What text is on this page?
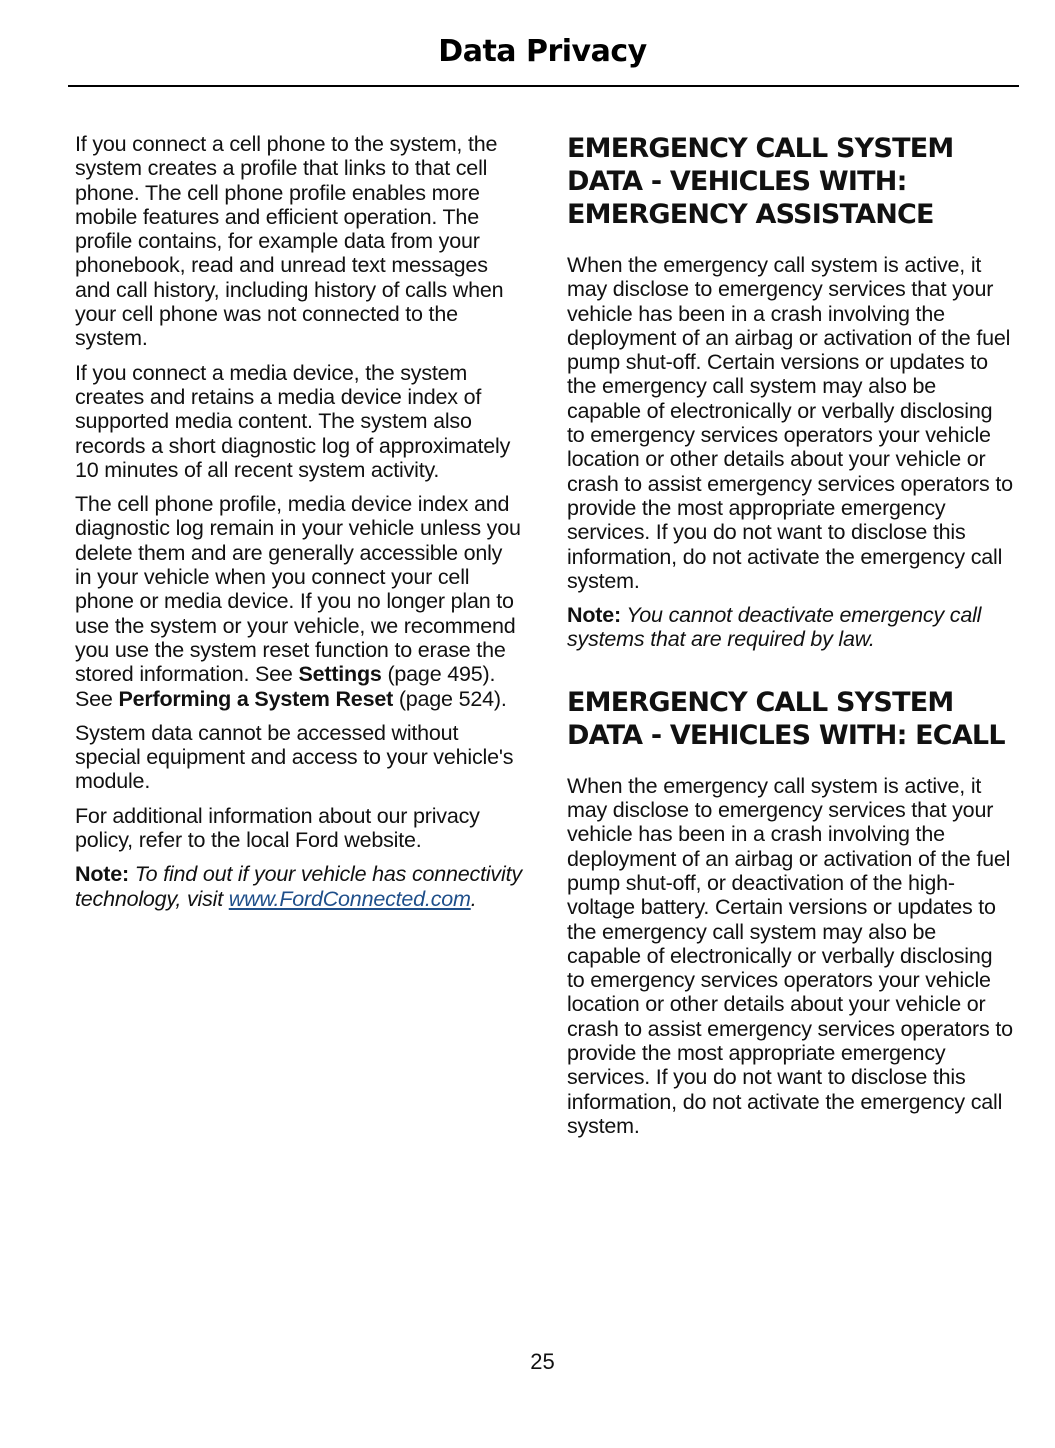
Data Privacy

If you connect a cell phone to the system, the system creates a profile that links to that cell phone. The cell phone profile enables more mobile features and efficient operation. The profile contains, for example data from your phonebook, read and unread text messages and call history, including history of calls when your cell phone was not connected to the system.

If you connect a media device, the system creates and retains a media device index of supported media content. The system also records a short diagnostic log of approximately 10 minutes of all recent system activity.

The cell phone profile, media device index and diagnostic log remain in your vehicle unless you delete them and are generally accessible only in your vehicle when you connect your cell phone or media device. If you no longer plan to use the system or your vehicle, we recommend you use the system reset function to erase the stored information. See Settings (page 495). See Performing a System Reset (page 524).

System data cannot be accessed without special equipment and access to your vehicle's module.

For additional information about our privacy policy, refer to the local Ford website.

Note: To find out if your vehicle has connectivity technology, visit www.FordConnected.com.

EMERGENCY CALL SYSTEM DATA - VEHICLES WITH: EMERGENCY ASSISTANCE

When the emergency call system is active, it may disclose to emergency services that your vehicle has been in a crash involving the deployment of an airbag or activation of the fuel pump shut-off. Certain versions or updates to the emergency call system may also be capable of electronically or verbally disclosing to emergency services operators your vehicle location or other details about your vehicle or crash to assist emergency services operators to provide the most appropriate emergency services. If you do not want to disclose this information, do not activate the emergency call system.

Note: You cannot deactivate emergency call systems that are required by law.

EMERGENCY CALL SYSTEM DATA - VEHICLES WITH: ECALL

When the emergency call system is active, it may disclose to emergency services that your vehicle has been in a crash involving the deployment of an airbag or activation of the fuel pump shut-off, or deactivation of the high-voltage battery. Certain versions or updates to the emergency call system may also be capable of electronically or verbally disclosing to emergency services operators your vehicle location or other details about your vehicle or crash to assist emergency services operators to provide the most appropriate emergency services. If you do not want to disclose this information, do not activate the emergency call system.

25
